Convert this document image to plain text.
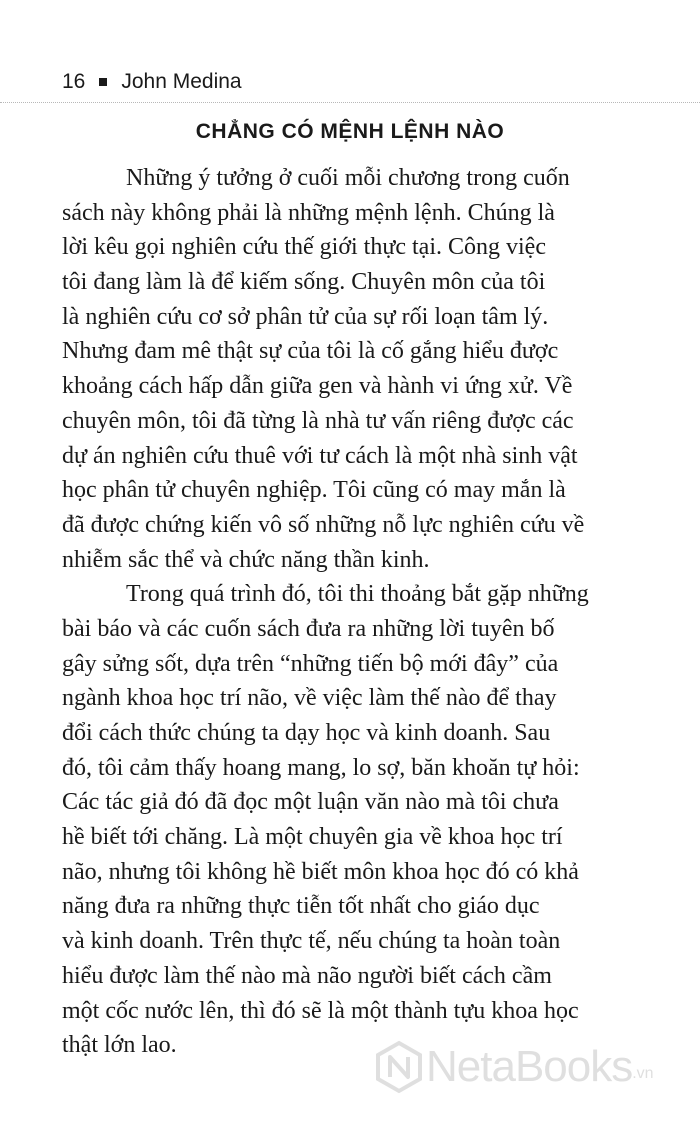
16 John Medina
CHẲNG CÓ MỆNH LỆNH NÀO
Những ý tưởng ở cuối mỗi chương trong cuốn
sách này không phải là những mệnh lệnh. Chúng là
lời kêu gọi nghiên cứu thế giới thực tại. Công việc
tôi đang làm là để kiếm sống. Chuyên môn của tôi
là nghiên cứu cơ sở phân tử của sự rối loạn tâm lý.
Nhưng đam mê thật sự của tôi là cố gắng hiểu được
khoảng cách hấp dẫn giữa gen và hành vi ứng xử. Về
chuyên môn, tôi đã từng là nhà tư vấn riêng được các
dự án nghiên cứu thuê với tư cách là một nhà sinh vật
học phân tử chuyên nghiệp. Tôi cũng có may mắn là
đã được chứng kiến vô số những nỗ lực nghiên cứu về
nhiễm sắc thể và chức năng thần kinh.
Trong quá trình đó, tôi thi thoảng bắt gặp những
bài báo và các cuốn sách đưa ra những lời tuyên bố
gây sửng sốt, dựa trên “những tiến bộ mới đây” của
ngành khoa học trí não, về việc làm thế nào để thay
đổi cách thức chúng ta dạy học và kinh doanh. Sau
đó, tôi cảm thấy hoang mang, lo sợ, băn khoăn tự hỏi:
Các tác giả đó đã đọc một luận văn nào mà tôi chưa
hề biết tới chăng. Là một chuyên gia về khoa học trí
não, nhưng tôi không hề biết môn khoa học đó có khả
năng đưa ra những thực tiễn tốt nhất cho giáo dục
và kinh doanh. Trên thực tế, nếu chúng ta hoàn toàn
hiểu được làm thế nào mà não người biết cách cầm
một cốc nước lên, thì đó sẽ là một thành tựu khoa học
thật lớn lao.	NetaBooks .vn
